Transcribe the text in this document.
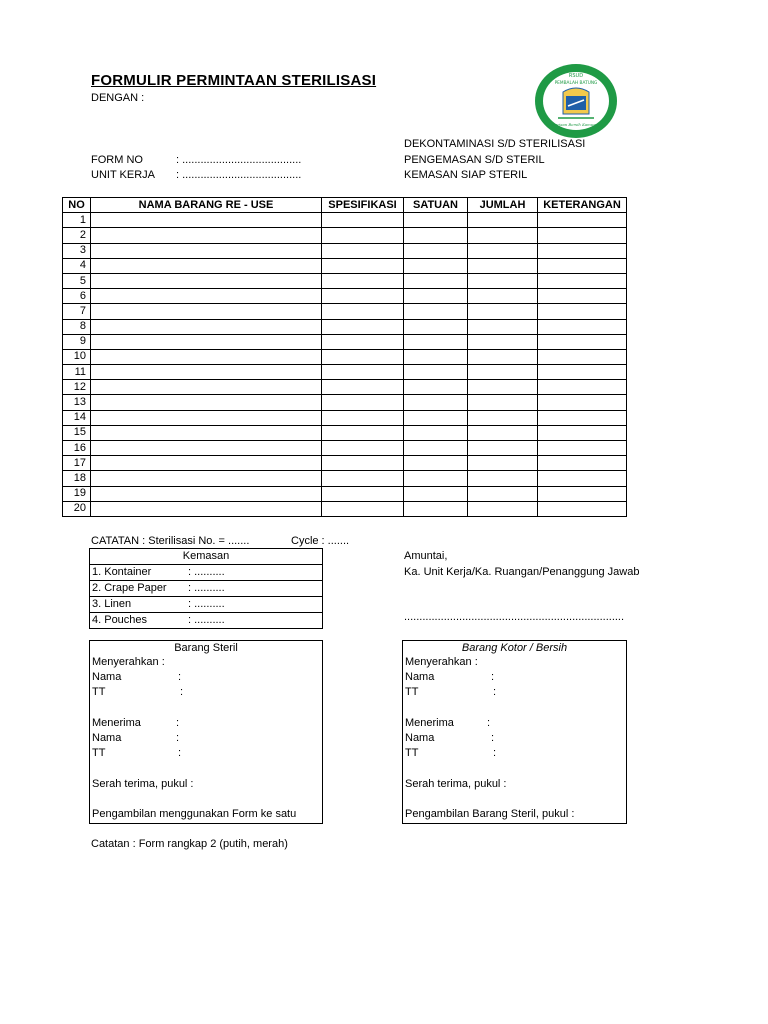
FORMULIR PERMINTAAN STERILISASI
DENGAN :
RSUD
PEMBALAH BATUNG
Kerjaan Bersih Kamuran
DEKONTAMINASI S/D STERILISASI
PENGEMASAN S/D STERIL
KEMASAN SIAP STERIL
FORM NO	: .......................................
UNIT KERJA : .......................................
NO	NAMA BARANG RE - USE	SPESIFIKASI	SATUAN	JUMLAH	KETERANGAN
1					
2					
3					
4					
5					
6					
7					
8					
9					
10					
11					
12					
13					
14					
15					
16					
17					
18					
19					
20					
CATATAN : Sterilisasi No. = .......	Cycle : .......
Kemasan
1. Kontainer	: ..........
2. Crape Paper : ..........
3. Linen	: ..........
4. Pouches	: ..........
Amuntai,
Ka. Unit Kerja/Ka. Ruangan/Penanggung Jawab
........................................................................
Barang Steril
Menyerahkan :
Nama	:
TT	:
Menerima	:
Nama	:
TT	:
Serah terima, pukul :
Pengambilan menggunakan Form ke satu
Barang Kotor / Bersih
Menyerahkan :
Nama	:
TT	:
Menerima	:
Nama	:
TT	:
Serah terima, pukul :
Pengambilan Barang Steril, pukul :
Catatan : Form rangkap 2 (putih, merah)
